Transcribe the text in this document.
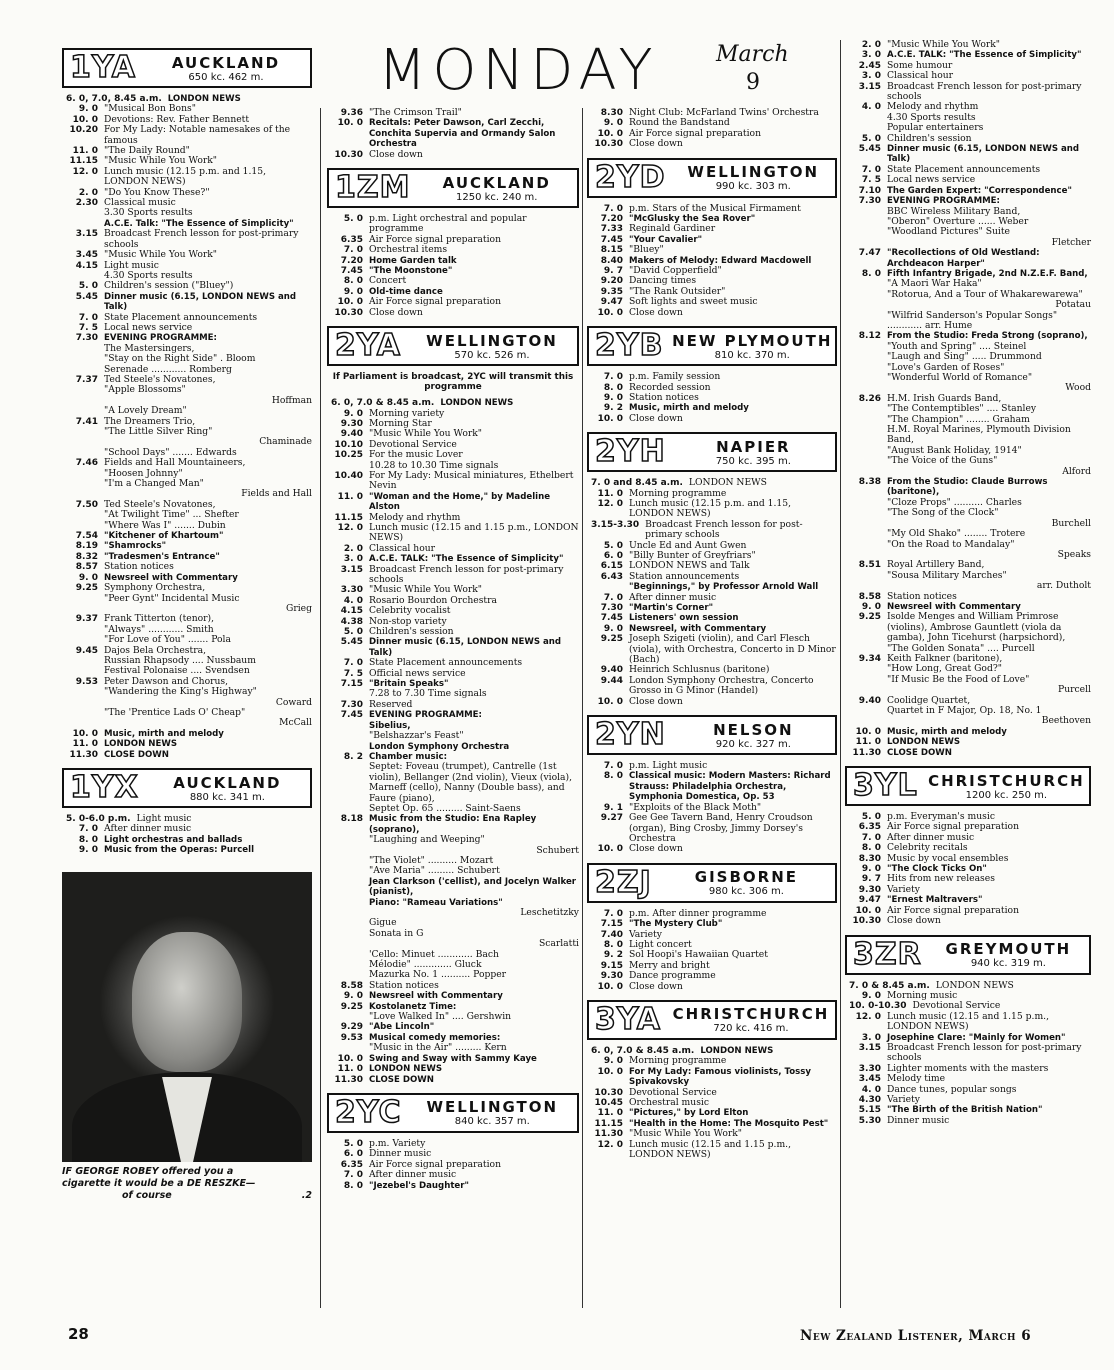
MONDAY	March
9
1YA	AUCKLAND
650 kc. 462 m.
6. 0, 7.0, 8.45 a.m. LONDON NEWS
9. 0 "Musical Bon Bons"
10. 0 Devotions: Rev. Father Bennett
10.20 For My Lady: Notable namesakes of the famous
11. 0 "The Daily Round"
11.15 "Music While You Work"
12. 0 Lunch music (12.15 p.m. and 1.15, LONDON NEWS)
2. 0 "Do You Know These?"
2.30 Classical music
3.30 Sports results
A.C.E. Talk: "The Essence of Simplicity"
3.15 Broadcast French lesson for post-primary schools
3.45 "Music While You Work"
4.15 Light music
4.30 Sports results
5. 0 Children's session ("Bluey")
5.45 Dinner music (6.15, LONDON NEWS and Talk)
7. 0 State Placement announcements
7. 5 Local news service
7.30 EVENING PROGRAMME:
The Mastersingers,
"Stay on the Right Side" . Bloom
Serenade ............ Romberg
7.37 Ted Steele's Novatones,
"Apple Blossoms"
Hoffman
"A Lovely Dream"
7.41 The Dreamers Trio,
"The Little Silver Ring"
Chaminade
"School Days" ....... Edwards
7.46 Fields and Hall Mountaineers,
"Hoosen Johnny"
"I'm a Changed Man"
Fields and Hall
7.50 Ted Steele's Novatones,
"At Twilight Time" ... Shefter
"Where Was I" ....... Dubin
7.54 "Kitchener of Khartoum"
8.19 "Shamrocks"
8.32 "Tradesmen's Entrance"
8.57 Station notices
9. 0 Newsreel with Commentary
9.25 Symphony Orchestra,
"Peer Gynt" Incidental Music
Grieg
9.37 Frank Titterton (tenor),
"Always" ............ Smith
"For Love of You" ....... Pola
9.45 Dajos Bela Orchestra,
Russian Rhapsody .... Nussbaum
Festival Polonaise .... Svendsen
9.53 Peter Dawson and Chorus,
"Wandering the King's Highway"
Coward
"The 'Prentice Lads O' Cheap"
McCall
10. 0 Music, mirth and melody
11. 0 LONDON NEWS
11.30 CLOSE DOWN
1YX	AUCKLAND
880 kc. 341 m.
5. 0-6.0 p.m. Light music
7. 0 After dinner music
8. 0 Light orchestras and ballads
9. 0 Music from the Operas: Purcell
IF GEORGE ROBEY offered you a
cigarette it would be a DE RESZKE—
of course	.2
9.36 "The Crimson Trail"
10. 0 Recitals: Peter Dawson, Carl Zecchi, Conchita Supervia and Ormandy Salon Orchestra
10.30 Close down
1ZM	AUCKLAND
1250 kc. 240 m.
5. 0 p.m. Light orchestral and popular programme
6.35 Air Force signal preparation
7. 0 Orchestral items
7.20 Home Garden talk
7.45 "The Moonstone"
8. 0 Concert
9. 0 Old-time dance
10. 0 Air Force signal preparation
10.30 Close down
2YA	WELLINGTON
570 kc. 526 m.
If Parliament is broadcast, 2YC will transmit this programme
6. 0, 7.0 & 8.45 a.m. LONDON NEWS
9. 0 Morning variety
9.30 Morning Star
9.40 "Music While You Work"
10.10 Devotional Service
10.25 For the music Lover
10.28 to 10.30 Time signals
10.40 For My Lady: Musical miniatures, Ethelbert Nevin
11. 0 "Woman and the Home," by Madeline Alston
11.15 Melody and rhythm
12. 0 Lunch music (12.15 and 1.15 p.m., LONDON NEWS)
2. 0 Classical hour
3. 0 A.C.E. TALK: "The Essence of Simplicity"
3.15 Broadcast French lesson for post-primary schools
3.30 "Music While You Work"
4. 0 Rosario Bourdon Orchestra
4.15 Celebrity vocalist
4.38 Non-stop variety
5. 0 Children's session
5.45 Dinner music (6.15, LONDON NEWS and Talk)
7. 0 State Placement announcements
7. 5 Official news service
7.15 "Britain Speaks"
7.28 to 7.30 Time signals
7.30 Reserved
7.45 EVENING PROGRAMME:
Sibelius,
"Belshazzar's Feast"
London Symphony Orchestra
8. 2 Chamber music:
Septet: Foveau (trumpet), Cantrelle (1st violin), Bellanger (2nd violin), Vieux (viola), Marneff (cello), Nanny (Double bass), and Faure (piano),
Septet Op. 65 ......... Saint-Saens
8.18 Music from the Studio: Ena Rapley (soprano),
"Laughing and Weeping"
Schubert
"The Violet" .......... Mozart
"Ave Maria" ......... Schubert
Jean Clarkson ('cellist), and Jocelyn Walker (pianist),
Piano: "Rameau Variations"
Leschetitzky
Gigue
Sonata in G
Scarlatti
'Cello: Minuet ............ Bach
Mélodie" ............. Gluck
Mazurka No. 1 .......... Popper
8.58 Station notices
9. 0 Newsreel with Commentary
9.25 Kostolanetz Time:
"Love Walked In" .... Gershwin
9.29 "Abe Lincoln"
9.53 Musical comedy memories:
"Music in the Air" ......... Kern
10. 0 Swing and Sway with Sammy Kaye
11. 0 LONDON NEWS
11.30 CLOSE DOWN
2YC	WELLINGTON
840 kc. 357 m.
5. 0 p.m. Variety
6. 0 Dinner music
6.35 Air Force signal preparation
7. 0 After dinner music
8. 0 "Jezebel's Daughter"
8.30 Night Club: McFarland Twins' Orchestra
9. 0 Round the Bandstand
10. 0 Air Force signal preparation
10.30 Close down
2YD	WELLINGTON
990 kc. 303 m.
7. 0 p.m. Stars of the Musical Firmament
7.20 "McGlusky the Sea Rover"
7.33 Reginald Gardiner
7.45 "Your Cavalier"
8.15 "Bluey"
8.40 Makers of Melody: Edward Macdowell
9. 7 "David Copperfield"
9.20 Dancing times
9.35 "The Rank Outsider"
9.47 Soft lights and sweet music
10. 0 Close down
2YB NEW PLYMOUTH
810 kc. 370 m.
7. 0 p.m. Family session
8. 0 Recorded session
9. 0 Station notices
9. 2 Music, mirth and melody
10. 0 Close down
2YH	NAPIER
750 kc. 395 m.
7. 0 and 8.45 a.m. LONDON NEWS
11. 0 Morning programme
12. 0 Lunch music (12.15 p.m. and 1.15, LONDON NEWS)
3.15-3.30 Broadcast French lesson for post-primary schools
5. 0 Uncle Ed and Aunt Gwen
6. 0 "Billy Bunter of Greyfriars"
6.15 LONDON NEWS and Talk
6.43 Station announcements
"Beginnings," by Professor Arnold Wall
7. 0 After dinner music
7.30 "Martin's Corner"
7.45 Listeners' own session
9. 0 Newsreel, with Commentary
9.25 Joseph Szigeti (violin), and Carl Flesch (viola), with Orchestra, Concerto in D Minor (Bach)
9.40 Heinrich Schlusnus (baritone)
9.44 London Symphony Orchestra, Concerto Grosso in G Minor (Handel)
10. 0 Close down
2YN	NELSON
920 kc. 327 m.
7. 0 p.m. Light music
8. 0 Classical music: Modern Masters: Richard Strauss: Philadelphia Orchestra, Symphonia Domestica, Op. 53
9. 1 "Exploits of the Black Moth"
9.27 Gee Gee Tavern Band, Henry Croudson (organ), Bing Crosby, Jimmy Dorsey's Orchestra
10. 0 Close down
2ZJ	GISBORNE
980 kc. 306 m.
7. 0 p.m. After dinner programme
7.15 "The Mystery Club"
7.40 Variety
8. 0 Light concert
9. 2 Sol Hoopi's Hawaiian Quartet
9.15 Merry and bright
9.30 Dance programme
10. 0 Close down
3YA CHRISTCHURCH
720 kc. 416 m.
6. 0, 7.0 & 8.45 a.m. LONDON NEWS
9. 0 Morning programme
10. 0 For My Lady: Famous violinists, Tossy Spivakovsky
10.30 Devotional Service
10.45 Orchestral music
11. 0 "Pictures," by Lord Elton
11.15 "Health in the Home: The Mosquito Pest"
11.30 "Music While You Work"
12. 0 Lunch music (12.15 and 1.15 p.m., LONDON NEWS)
2. 0 "Music While You Work"
3. 0 A.C.E. TALK: "The Essence of Simplicity"
2.45 Some humour
3. 0 Classical hour
3.15 Broadcast French lesson for post-primary schools
4. 0 Melody and rhythm
4.30 Sports results
Popular entertainers
5. 0 Children's session
5.45 Dinner music (6.15, LONDON NEWS and Talk)
7. 0 State Placement announcements
7. 5 Local news service
7.10 The Garden Expert: "Correspondence"
7.30 EVENING PROGRAMME:
BBC Wireless Military Band,
"Oberon" Overture ...... Weber
"Woodland Pictures" Suite
Fletcher
7.47 "Recollections of Old Westland: Archdeacon Harper"
8. 0 Fifth Infantry Brigade, 2nd N.Z.E.F. Band,
"A Maori War Haka"
"Rotorua, And a Tour of Whakarewarewa"
Potatau
"Wilfrid Sanderson's Popular Songs" ............ arr. Hume
8.12 From the Studio: Freda Strong (soprano),
"Youth and Spring" .... Steinel
"Laugh and Sing" ..... Drummond
"Love's Garden of Roses"
"Wonderful World of Romance"
Wood
8.26 H.M. Irish Guards Band,
"The Contemptibles" .... Stanley
"The Champion" ........ Graham
H.M. Royal Marines, Plymouth Division Band,
"August Bank Holiday, 1914"
"The Voice of the Guns"
Alford
8.38 From the Studio: Claude Burrows (baritone),
"Cloze Props" .......... Charles
"The Song of the Clock"
Burchell
"My Old Shako" ........ Trotere
"On the Road to Mandalay"
Speaks
8.51 Royal Artillery Band,
"Sousa Military Marches"
arr. Dutholt
8.58 Station notices
9. 0 Newsreel with Commentary
9.25 Isolde Menges and William Primrose (violins), Ambrose Gauntlett (viola da gamba), John Ticehurst (harpsichord),
"The Golden Sonata" .... Purcell
9.34 Keith Falkner (baritone),
"How Long, Great God?"
"If Music Be the Food of Love"
Purcell
9.40 Coolidge Quartet,
Quartet in F Major, Op. 18, No. 1
Beethoven
10. 0 Music, mirth and melody
11. 0 LONDON NEWS
11.30 CLOSE DOWN
3YL CHRISTCHURCH
1200 kc. 250 m.
5. 0 p.m. Everyman's music
6.35 Air Force signal preparation
7. 0 After dinner music
8. 0 Celebrity recitals
8.30 Music by vocal ensembles
9. 0 "The Clock Ticks On"
9. 7 Hits from new releases
9.30 Variety
9.47 "Ernest Maltravers"
10. 0 Air Force signal preparation
10.30 Close down
3ZR	GREYMOUTH
940 kc. 319 m.
7. 0 & 8.45 a.m. LONDON NEWS
9. 0 Morning music
10. 0-10.30 Devotional Service
12. 0 Lunch music (12.15 and 1.15 p.m., LONDON NEWS)
3. 0 Josephine Clare: "Mainly for Women"
3.15 Broadcast French lesson for post-primary schools
3.30 Lighter moments with the masters
3.45 Melody time
4. 0 Dance tunes, popular songs
4.30 Variety
5.15 "The Birth of the British Nation"
5.30 Dinner music
28	New Zealand Listener, March 6
